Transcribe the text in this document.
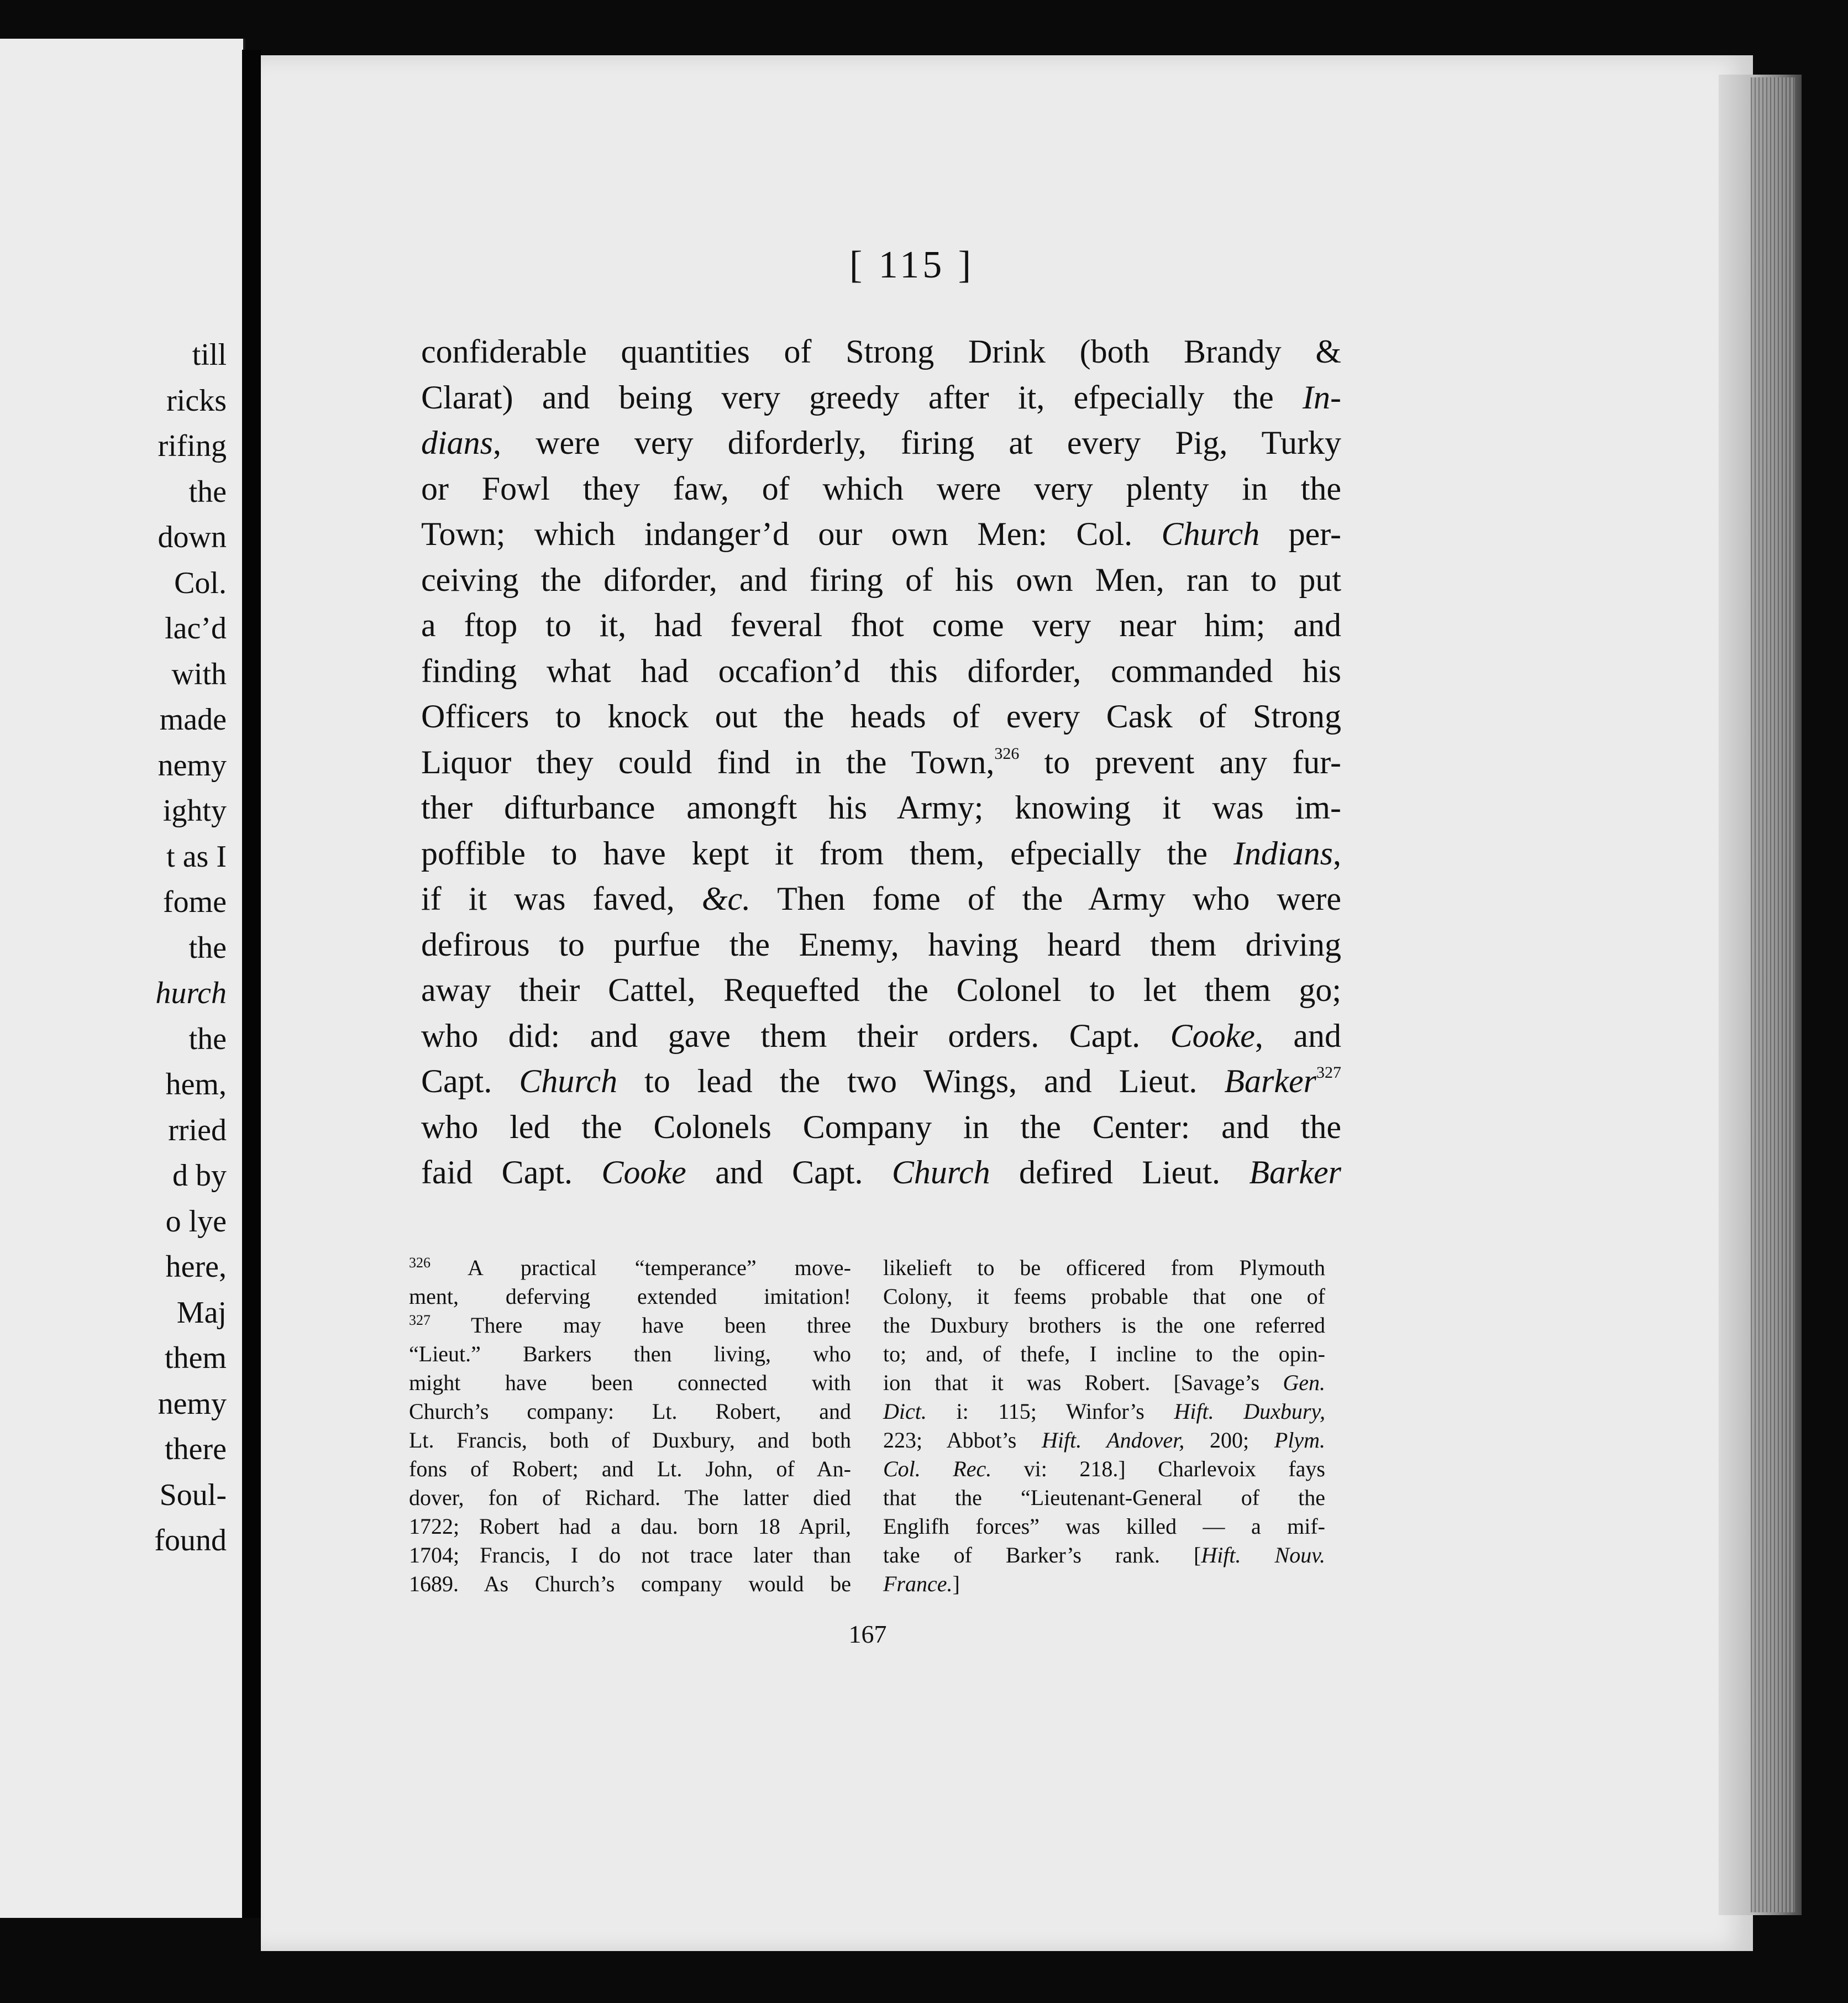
till
ricks
rifing
the
down
Col.
lac’d
with
made
nemy
ighty
t as I
fome
the
hurch
the
hem,
rried
d by
o lye
here,
Maj
them
nemy
there
Soul-
found
[ 115 ]
confiderable quantities of Strong Drink (both Brandy &
Clarat) and being very greedy after it, efpecially the In-
dians, were very diforderly, firing at every Pig, Turky
or Fowl they faw, of which were very plenty in the
Town; which indanger’d our own Men: Col. Church per-
ceiving the diforder, and firing of his own Men, ran to put
a ftop to it, had feveral fhot come very near him; and
finding what had occafion’d this diforder, commanded his
Officers to knock out the heads of every Cask of Strong
Liquor they could find in the Town,$^{326}$ to prevent any fur-
ther difturbance amongft his Army; knowing it was im-
poffible to have kept it from them, efpecially the Indians,
if it was faved, &c. Then fome of the Army who were
defirous to purfue the Enemy, having heard them driving
away their Cattel, Requefted the Colonel to let them go;
who did: and gave them their orders. Capt. Cooke, and
Capt. Church to lead the two Wings, and Lieut. Barker$^{327}$
who led the Colonels Company in the Center: and the
faid Capt. Cooke and Capt. Church defired Lieut. Barker
$^{326}$ A practical “temperance” move-
ment, deferving extended imitation!
$^{327}$ There may have been three
“Lieut.” Barkers then living, who
might have been connected with
Church’s company: Lt. Robert, and
Lt. Francis, both of Duxbury, and both
fons of Robert; and Lt. John, of An-
dover, fon of Richard. The latter died
1722; Robert had a dau. born 18 April,
1704; Francis, I do not trace later than
1689. As Church’s company would be
likelieft to be officered from Plymouth
Colony, it feems probable that one of
the Duxbury brothers is the one referred
to; and, of thefe, I incline to the opin-
ion that it was Robert. [Savage’s Gen.
Dict. i: 115; Winfor’s Hift. Duxbury,
223; Abbot’s Hift. Andover, 200; Plym.
Col. Rec. vi: 218.] Charlevoix fays
that the “Lieutenant-General of the
Englifh forces” was killed — a mif-
take of Barker’s rank. [Hift. Nouv.
France.]
167
